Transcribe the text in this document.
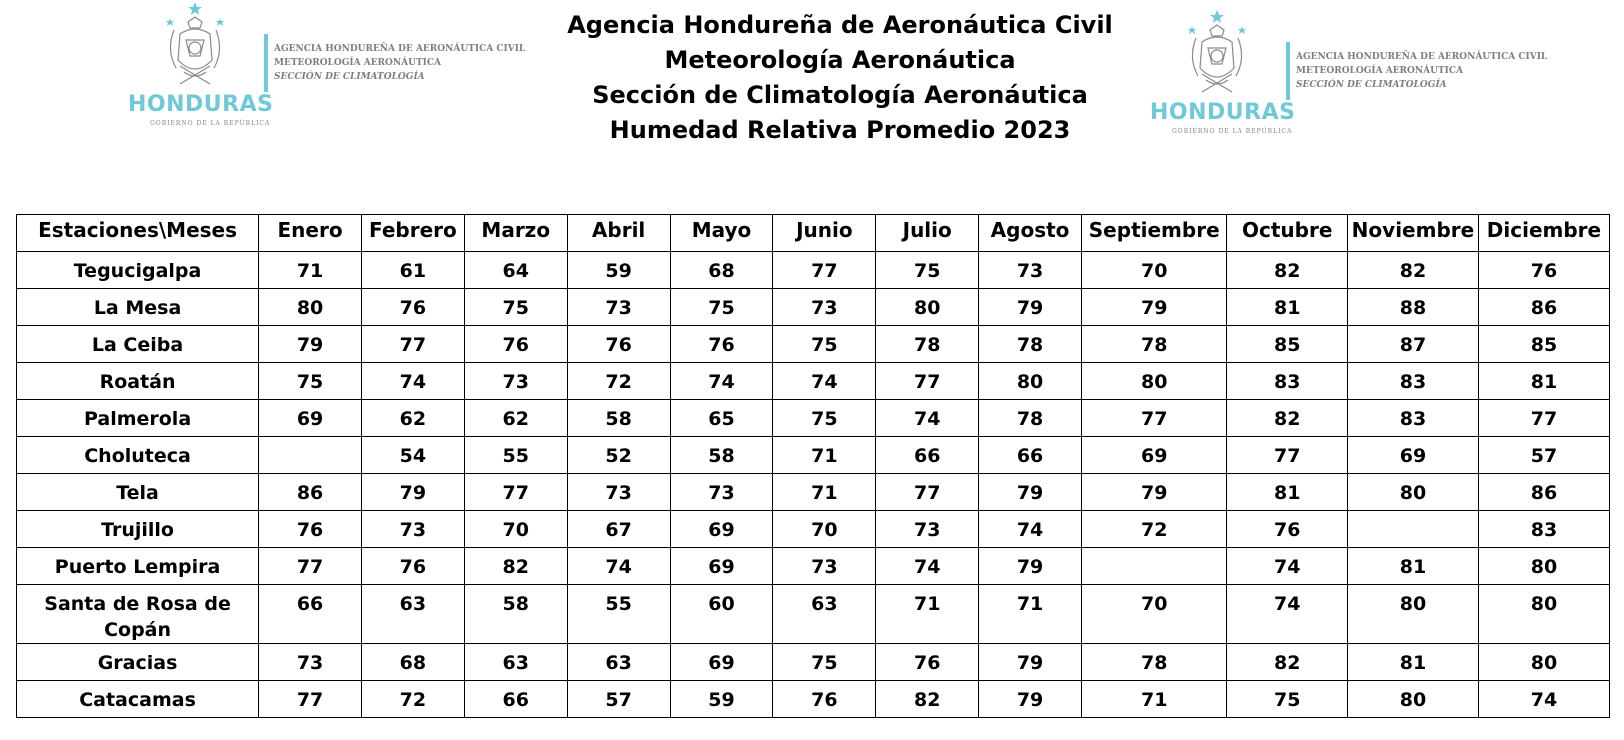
HONDURAS
GOBIERNO DE LA REPÚBLICA
AGENCIA HONDUREÑA DE AERONÁUTICA CIVIL
METEOROLOGÍA AERONÁUTICA
SECCIÓN DE CLIMATOLOGÍA
Agencia Hondureña de Aeronáutica Civil
Meteorología Aeronáutica
Sección de Climatología Aeronáutica
Humedad Relativa Promedio 2023
HONDURAS
GOBIERNO DE LA REPÚBLICA
AGENCIA HONDUREÑA DE AERONÁUTICA CIVIL
METEOROLOGÍA AERONÁUTICA
SECCIÓN DE CLIMATOLOGÍA
Estaciones\Meses	Enero	Febrero	Marzo	Abril	Mayo	Junio	Julio	Agosto	Septiembre	Octubre	Noviembre	Diciembre
Tegucigalpa	71	61	64	59	68	77	75	73	70	82	82	76
La Mesa	80	76	75	73	75	73	80	79	79	81	88	86
La Ceiba	79	77	76	76	76	75	78	78	78	85	87	85
Roatán	75	74	73	72	74	74	77	80	80	83	83	81
Palmerola	69	62	62	58	65	75	74	78	77	82	83	77
Choluteca		54	55	52	58	71	66	66	69	77	69	57
Tela	86	79	77	73	73	71	77	79	79	81	80	86
Trujillo	76	73	70	67	69	70	73	74	72	76		83
Puerto Lempira	77	76	82	74	69	73	74	79		74	81	80
Santa de Rosa de Copán	66	63	58	55	60	63	71	71	70	74	80	80
Gracias	73	68	63	63	69	75	76	79	78	82	81	80
Catacamas	77	72	66	57	59	76	82	79	71	75	80	74
